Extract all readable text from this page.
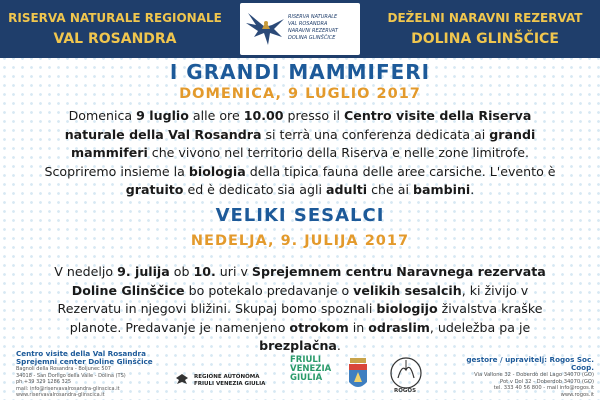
RISERVA NATURALE REGIONALE
VAL ROSANDRA
RISERVA NATURALE
VAL ROSANDRA
NARAVNI REZERVAT
DOLINA GLINŠČICE
DEŽELNI NARAVNI REZERVAT
DOLINA GLINŠČICE
I GRANDI MAMMIFERI
DOMENICA, 9 LUGLIO 2017
Domenica 9 luglio alle ore 10.00 presso il Centro visite della Riserva naturale della Val Rosandra si terrà una conferenza dedicata ai grandi mammiferi che vivono nel territorio della Riserva e nelle zone limitrofe. Scopriremo insieme la biologia della tipica fauna delle aree carsiche. L'evento è gratuito ed è dedicato sia agli adulti che ai bambini.
VELIKI SESALCI
NEDELJA, 9. JULIJA 2017
V nedeljo 9. julija ob 10. uri v Sprejemnem centru Naravnega rezervata Doline Glinščice bo potekalo predavanje o velikih sesalcih, ki živijo v Rezervatu in njegovi bližini. Skupaj bomo spoznali biologijo živalstva kraške planote. Predavanje je namenjeno otrokom in odraslim, udeležba pa je brezplačna.
Centro visite della Val Rosandra
Sprejemni center Doline Glinščice
Bagnoli della Rosandra - Boljunec 507
34018 - San Dorligo della Valle - Dolina (TS)
ph +39 329 1286 325
mail: info@riservavalrosandra-glinscica.it
www.riservavalrosandra-glinscica.it
REGIONE AUTONOMA
FRIULI VENEZIA GIULIA
FRIULI
VENEZIA
GIULIA
ROGOS
gestore / upravitelj: Rogos Soc. Coop.
Via Vallone 32 - Doberdò del Lago 34070 (GO)
Pot v Dol 32 - Doberdob 34070 (GO)
tel. 333 40 56 800 - mail info@rogos.it
www.rogos.it
